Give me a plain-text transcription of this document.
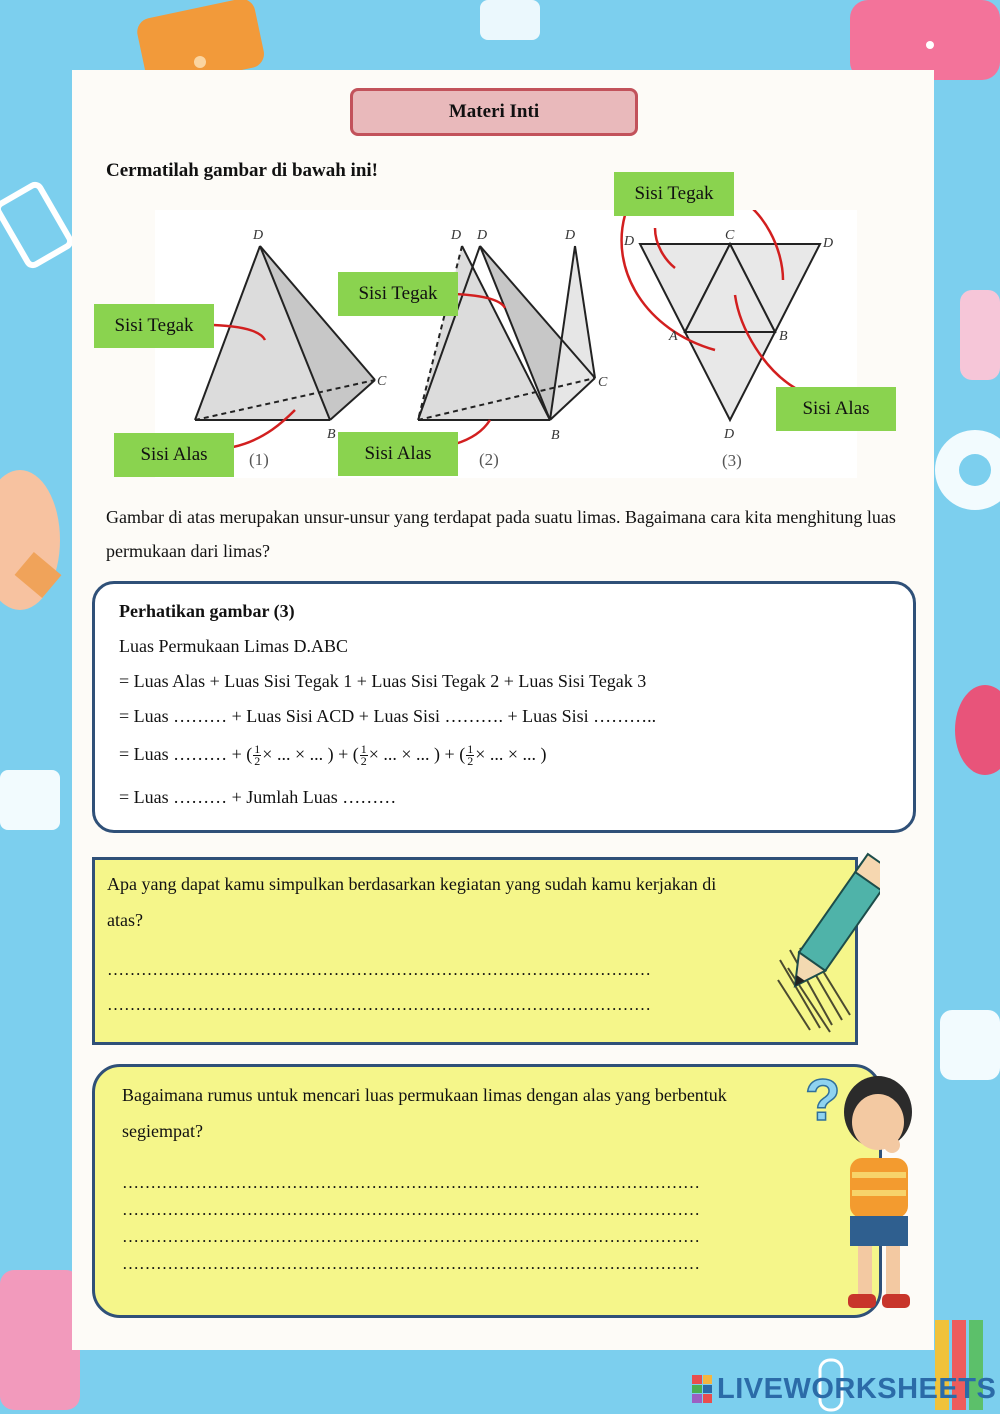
Materi Inti
Cermatilah gambar di bawah ini!
D
C
B
D D	D
C
B
D	C
D
A	B
D
(1)	(2)	(3)
Sisi Tegak
Sisi Alas
Sisi Tegak
Sisi Alas
Sisi Tegak
Sisi Alas
Gambar di atas merupakan unsur-unsur yang terdapat pada suatu limas. Bagaimana cara kita menghitung luas permukaan dari limas?
Perhatikan gambar (3)
Luas Permukaan Limas D.ABC
= Luas Alas + Luas Sisi Tegak 1 + Luas Sisi Tegak 2 + Luas Sisi Tegak 3
= Luas ……… + Luas Sisi ACD + Luas Sisi ………. + Luas Sisi ………..
= Luas ……… + ( $\frac{1}{2}$ × ... × ... ) + ( $\frac{1}{2}$ × ... × ... ) + ( $\frac{1}{2}$ × ... × ... )
= Luas ……… + Jumlah Luas ………
Apa yang dapat kamu simpulkan berdasarkan kegiatan yang sudah kamu kerjakan di atas?
……………………………………………………………………………………
……………………………………………………………………………………
Bagaimana rumus untuk mencari luas permukaan limas dengan alas yang berbentuk segiempat?
…………………………………………………………………………………………
…………………………………………………………………………………………
…………………………………………………………………………………………
…………………………………………………………………………………………
?
LIVEWORKSHEETS
